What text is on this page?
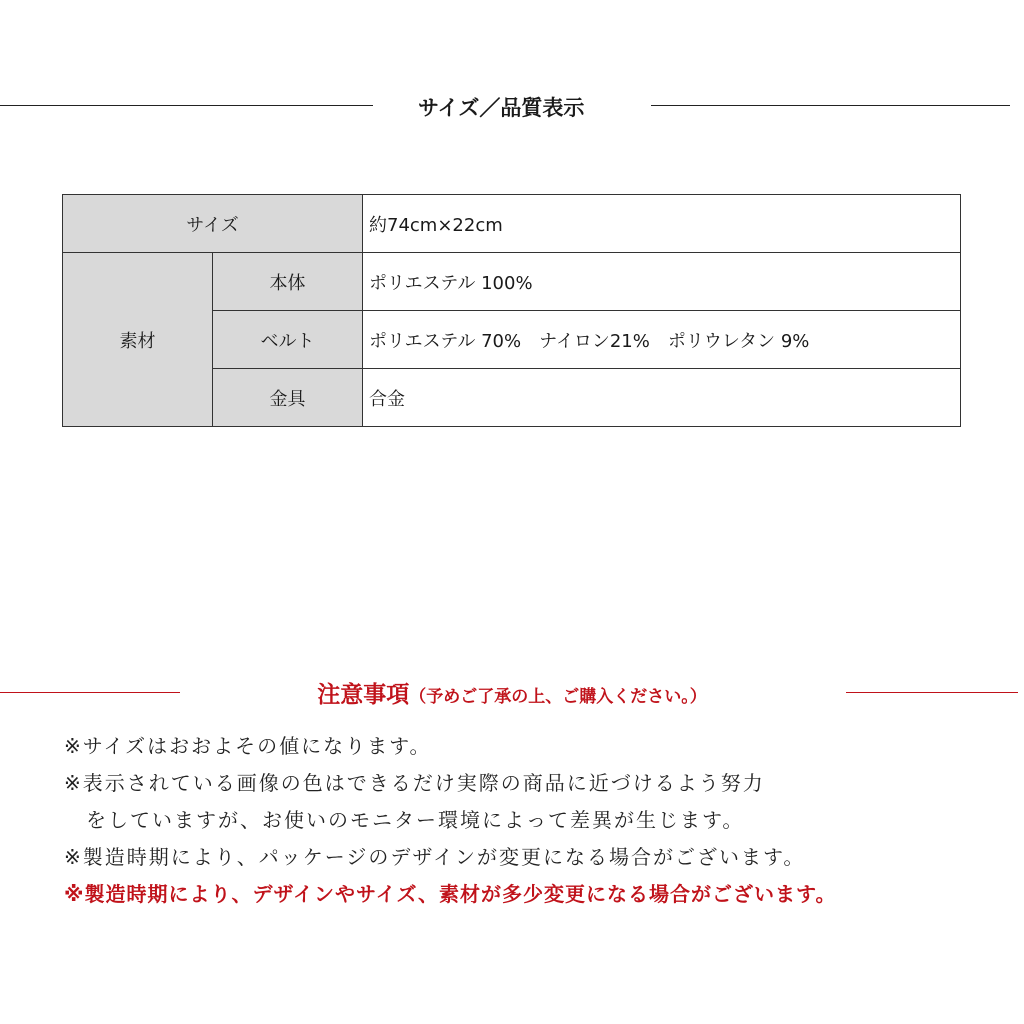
サイズ／品質表示
サイズ		約74cm×22cm
素材	本体	ポリエステル 100%
	ベルト	ポリエステル 70%　ナイロン21%　ポリウレタン 9%
	金具	合金
注意事項（予めご了承の上、ご購入ください。）
※サイズはおおよその値になります。
※表示されている画像の色はできるだけ実際の商品に近づけるよう努力
　をしていますが、お使いのモニター環境によって差異が生じます。
※製造時期により、パッケージのデザインが変更になる場合がございます。
※製造時期により、デザインやサイズ、素材が多少変更になる場合がございます。
